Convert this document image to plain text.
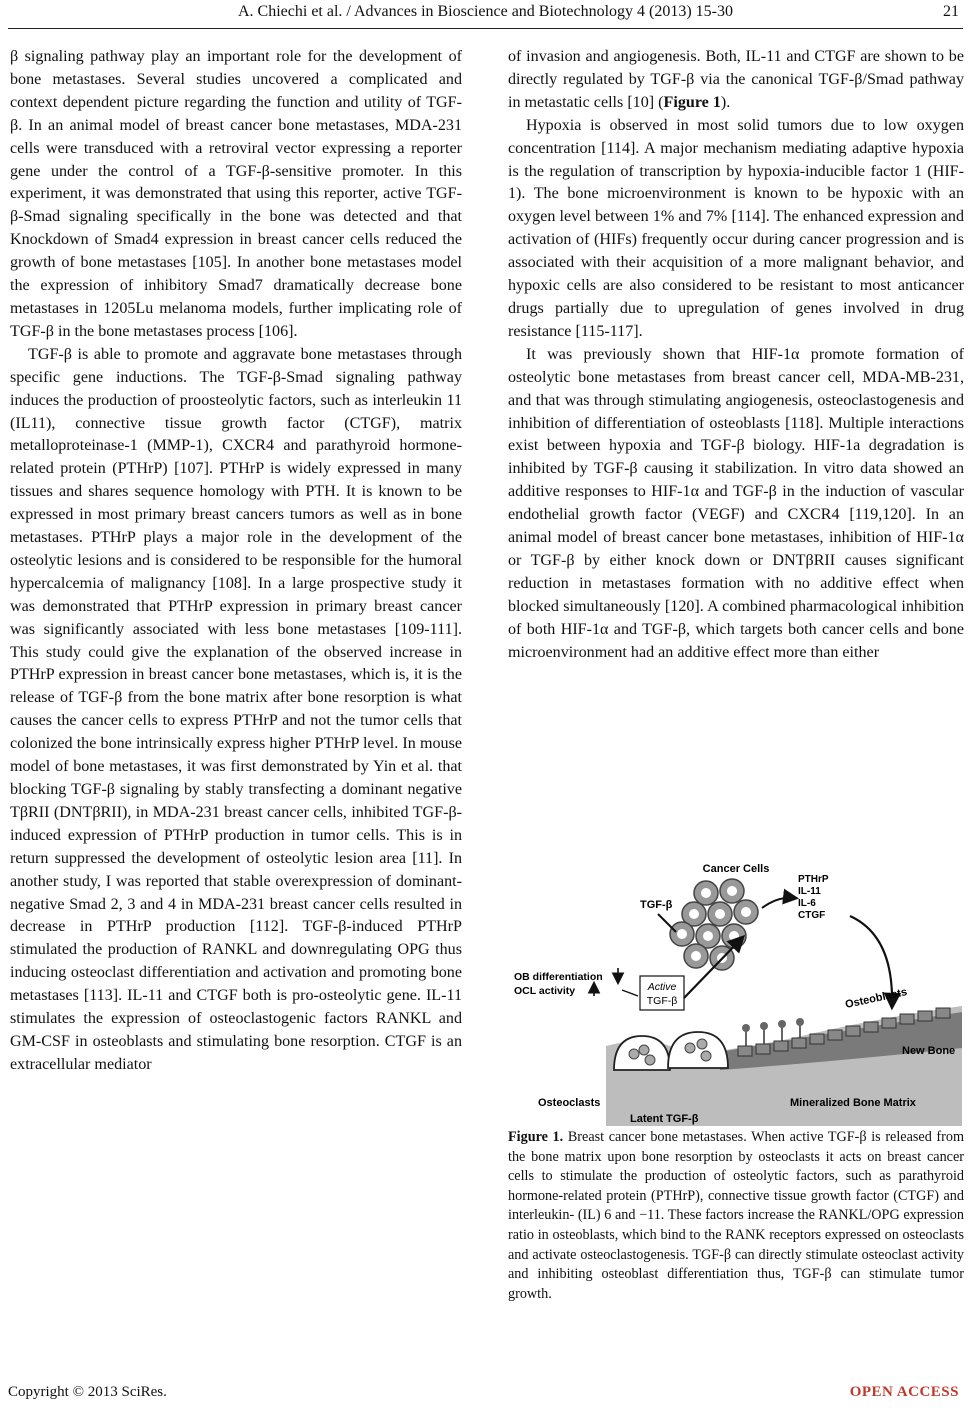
A. Chiechi et al. / Advances in Bioscience and Biotechnology 4 (2013) 15-30	21

β signaling pathway play an important role for the development of bone metastases. Several studies uncovered a complicated and context dependent picture regarding the function and utility of TGF-β. In an animal model of breast cancer bone metastases, MDA-231 cells were transduced with a retroviral vector expressing a reporter gene under the control of a TGF-β-sensitive promoter. In this experiment, it was demonstrated that using this reporter, active TGF-β-Smad signaling specifically in the bone was detected and that Knockdown of Smad4 expression in breast cancer cells reduced the growth of bone metastases [105]. In another bone metastases model the expression of inhibitory Smad7 dramatically decrease bone metastases in 1205Lu melanoma models, further implicating role of TGF-β in the bone metastases process [106].

TGF-β is able to promote and aggravate bone metastases through specific gene inductions. The TGF-β-Smad signaling pathway induces the production of proosteolytic factors, such as interleukin 11 (IL11), connective tissue growth factor (CTGF), matrix metalloproteinase-1 (MMP-1), CXCR4 and parathyroid hormone-related protein (PTHrP) [107]. PTHrP is widely expressed in many tissues and shares sequence homology with PTH. It is known to be expressed in most primary breast cancers tumors as well as in bone metastases. PTHrP plays a major role in the development of the osteolytic lesions and is considered to be responsible for the humoral hypercalcemia of malignancy [108]. In a large prospective study it was demonstrated that PTHrP expression in primary breast cancer was significantly associated with less bone metastases [109-111]. This study could give the explanation of the observed increase in PTHrP expression in breast cancer bone metastases, which is, it is the release of TGF-β from the bone matrix after bone resorption is what causes the cancer cells to express PTHrP and not the tumor cells that colonized the bone intrinsically express higher PTHrP level. In mouse model of bone metastases, it was first demonstrated by Yin et al. that blocking TGF-β signaling by stably transfecting a dominant negative TβRII (DNTβRII), in MDA-231 breast cancer cells, inhibited TGF-β-induced expression of PTHrP production in tumor cells. This is in return suppressed the development of osteolytic lesion area [11]. In another study, I was reported that stable overexpression of dominant-negative Smad 2, 3 and 4 in MDA-231 breast cancer cells resulted in decrease in PTHrP production [112]. TGF-β-induced PTHrP stimulated the production of RANKL and downregulating OPG thus inducing osteoclast differentiation and activation and promoting bone metastases [113]. IL-11 and CTGF both is pro-osteolytic gene. IL-11 stimulates the expression of osteoclastogenic factors RANKL and GM-CSF in osteoblasts and stimulating bone resorption. CTGF is an extracellular mediator

of invasion and angiogenesis. Both, IL-11 and CTGF are shown to be directly regulated by TGF-β via the canonical TGF-β/Smad pathway in metastatic cells [10] (Figure 1).

Hypoxia is observed in most solid tumors due to low oxygen concentration [114]. A major mechanism mediating adaptive hypoxia is the regulation of transcription by hypoxia-inducible factor 1 (HIF-1). The bone microenvironment is known to be hypoxic with an oxygen level between 1% and 7% [114]. The enhanced expression and activation of (HIFs) frequently occur during cancer progression and is associated with their acquisition of a more malignant behavior, and hypoxic cells are also considered to be resistant to most anticancer drugs partially due to upregulation of genes involved in drug resistance [115-117].

It was previously shown that HIF-1α promote formation of osteolytic bone metastases from breast cancer cell, MDA-MB-231, and that was through stimulating angiogenesis, osteoclastogenesis and inhibition of differentiation of osteoblasts [118]. Multiple interactions exist between hypoxia and TGF-β biology. HIF-1a degradation is inhibited by TGF-β causing it stabilization. In vitro data showed an additive responses to HIF-1α and TGF-β in the induction of vascular endothelial growth factor (VEGF) and CXCR4 [119,120]. In an animal model of breast cancer bone metastases, inhibition of HIF-1α or TGF-β by either knock down or DNTβRII causes significant reduction in metastases formation with no additive effect when blocked simultaneously [120]. A combined pharmacological inhibition of both HIF-1α and TGF-β, which targets both cancer cells and bone microenvironment had an additive effect more than either

Cancer Cells
TGF-β
PTHrP
IL-11
IL-6
CTGF
OB differentiation
OCL activity	Active
TGF-β	Osteoblasts
New Bone
Osteoclasts	Mineralized Bone Matrix
Latent TGF-β
Figure 1. Breast cancer bone metastases. When active TGF-β is released from the bone matrix upon bone resorption by osteoclasts it acts on breast cancer cells to stimulate the production of osteolytic factors, such as parathyroid hormone-related protein (PTHrP), connective tissue growth factor (CTGF) and interleukin- (IL) 6 and −11. These factors increase the RANKL/OPG expression ratio in osteoblasts, which bind to the RANK receptors expressed on osteoclasts and activate osteoclastogenesis. TGF-β can directly stimulate osteoclast activity and inhibiting osteoblast differentiation thus, TGF-β can stimulate tumor growth.
Copyright © 2013 SciRes.	OPEN ACCESS
